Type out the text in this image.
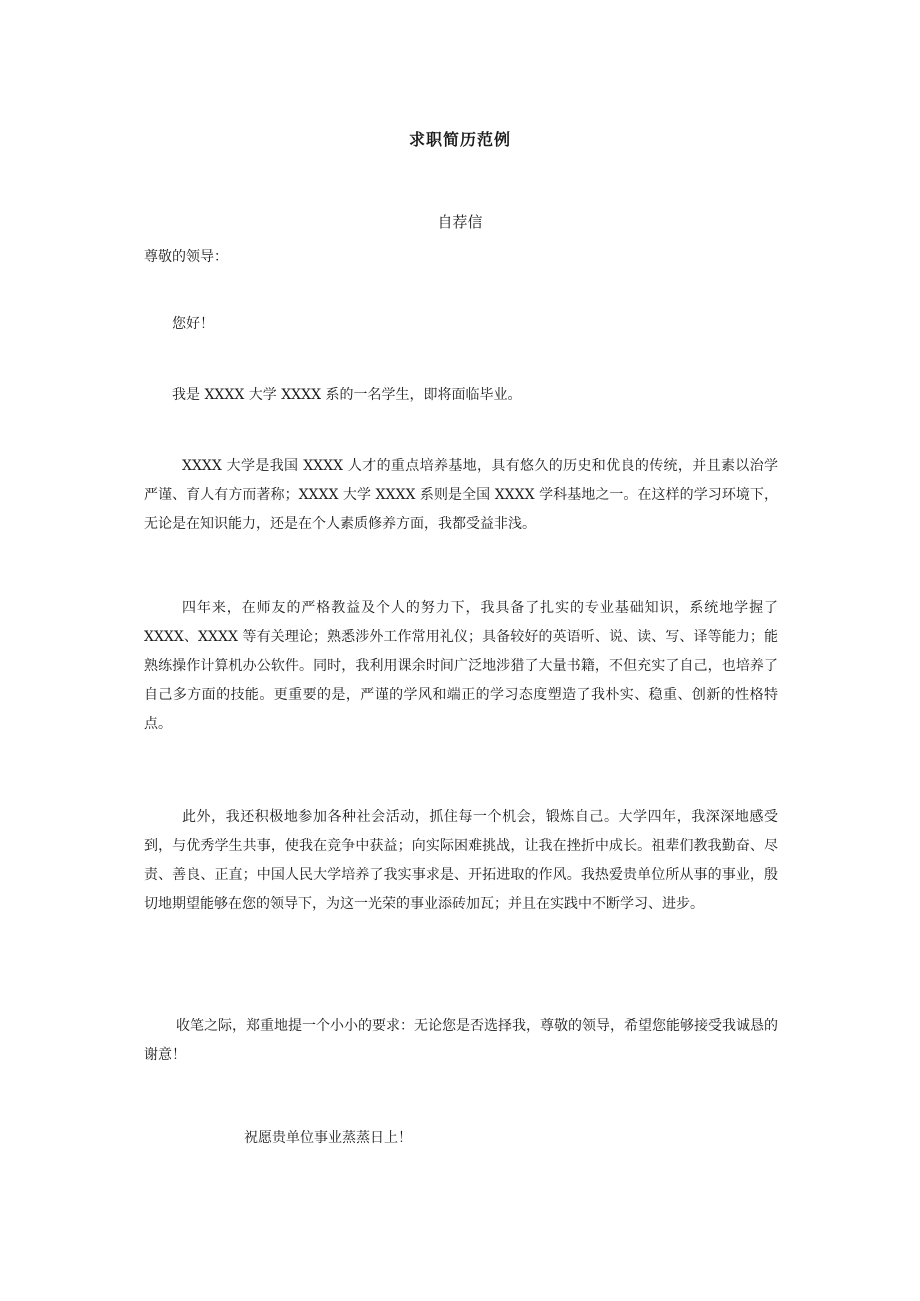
求职简历范例
自荐信
尊敬的领导：

您好！

我是 XXXX 大学 XXXX 系的一名学生，即将面临毕业。

XXXX 大学是我国 XXXX 人才的重点培养基地，具有悠久的历史和优良的传统，并且素以治学严谨、育人有方而著称；XXXX 大学 XXXX 系则是全国 XXXX 学科基地之一。在这样的学习环境下，无论是在知识能力，还是在个人素质修养方面，我都受益非浅。

四年来，在师友的严格教益及个人的努力下，我具备了扎实的专业基础知识，系统地学握了 XXXX、XXXX 等有关理论；熟悉涉外工作常用礼仪；具备较好的英语听、说、读、写、译等能力；能熟练操作计算机办公软件。同时，我利用课余时间广泛地涉猎了大量书籍，不但充实了自己，也培养了自己多方面的技能。更重要的是，严谨的学风和端正的学习态度塑造了我朴实、稳重、创新的性格特点。

此外，我还积极地参加各种社会活动，抓住每一个机会，锻炼自己。大学四年，我深深地感受到，与优秀学生共事，使我在竞争中获益；向实际困难挑战，让我在挫折中成长。祖辈们教我勤奋、尽责、善良、正直；中国人民大学培养了我实事求是、开拓进取的作风。我热爱贵单位所从事的事业，殷切地期望能够在您的领导下，为这一光荣的事业添砖加瓦；并且在实践中不断学习、进步。

收笔之际，郑重地提一个小小的要求：无论您是否选择我，尊敬的领导，希望您能够接受我诚恳的谢意！

祝愿贵单位事业蒸蒸日上！
